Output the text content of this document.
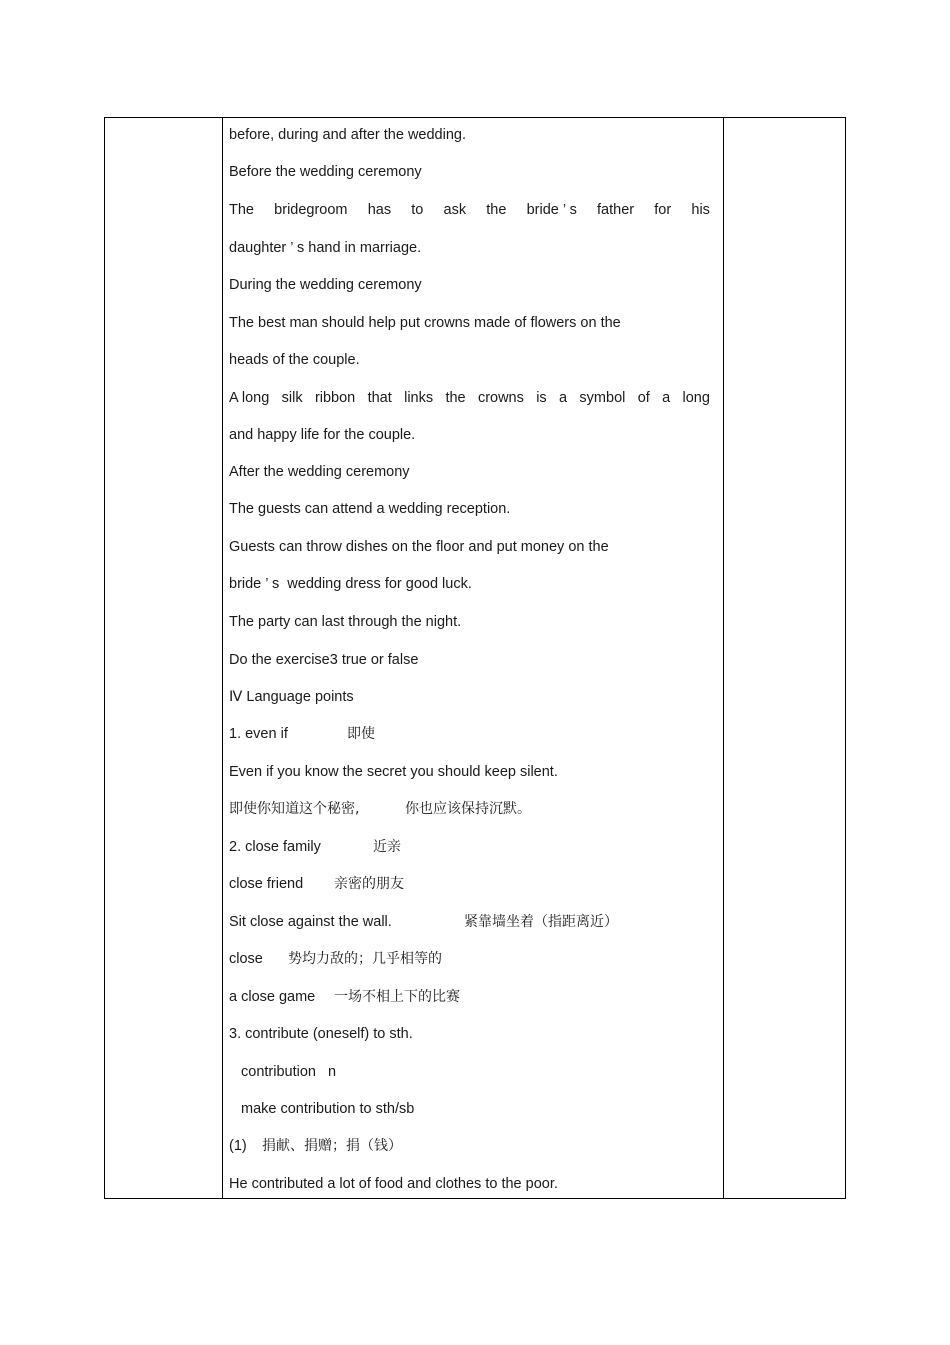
before, during and after the wedding.
Before the wedding ceremony
The bridegroom has to ask the bride ’ s father for his
daughter ’ s hand in marriage.
During the wedding ceremony
The best man should help put crowns made of flowers on the
heads of the couple.
A long silk ribbon that links the crowns is a symbol of a long
and happy life for the couple.
After the wedding ceremony
The guests can attend a wedding reception.
Guests can throw dishes on the floor and put money on the
bride ’ s  wedding dress for good luck.
The party can last through the night.
Do the exercise3 true or false
Ⅳ Language points
1. even if	即使
Even if you know the secret you should keep silent.
即使你知道这个秘密,	你也应该保持沉默。
2. close family	近亲
close friend 亲密的朋友
Sit close against the wall.	紧靠墙坐着（指距离近）
close 势均力敌的；几乎相等的
a close game 一场不相上下的比赛
3. contribute (oneself) to sth.
contribution   n
make contribution to sth/sb
(1) 捐献、捐赠；捐（钱）
He contributed a lot of food and clothes to the poor.
